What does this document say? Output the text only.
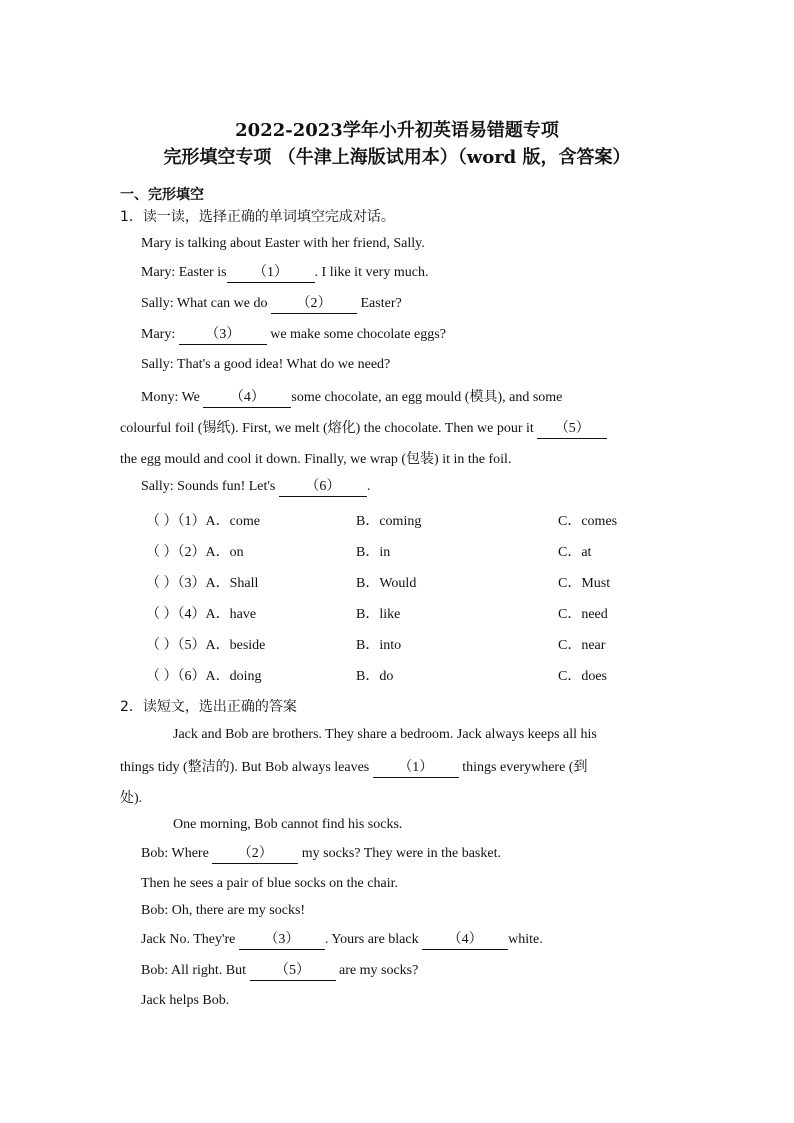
2022-2023学年小升初英语易错题专项
完形填空专项 （牛津上海版试用本）（word 版，含答案）
一、完形填空
1．读一读，选择正确的单词填空完成对话。
Mary is talking about Easter with her friend, Sally.
Mary: Easter is （1） . I like it very much.
Sally: What can we do （2） Easter?
Mary: （3） we make some chocolate eggs?
Sally: That's a good idea! What do we need?
Mony: We （4） some chocolate, an egg mould (模具), and some
colourful foil (锡纸). First, we melt (熔化) the chocolate. Then we pour it （5）
the egg mould and cool it down. Finally, we wrap (包装) it in the foil.
Sally: Sounds fun! Let's （6） .
（ ）（1）A．come	B．coming	C．comes
（ ）（2）A．on	B．in	C．at
（ ）（3）A．Shall	B．Would	C．Must
（ ）（4）A．have	B．like	C．need
（ ）（5）A．beside	B．into	C．near
（ ）（6）A．doing	B．do	C．does
2．读短文，选出正确的答案
Jack and Bob are brothers. They share a bedroom. Jack always keeps all his
things tidy (整洁的). But Bob always leaves （1） things everywhere (到
处).
One morning, Bob cannot find his socks.
Bob: Where （2） my socks? They were in the basket.
Then he sees a pair of blue socks on the chair.
Bob: Oh, there are my socks!
Jack No. They're （3） . Yours are black （4） white.
Bob: All right. But （5） are my socks?
Jack helps Bob.
